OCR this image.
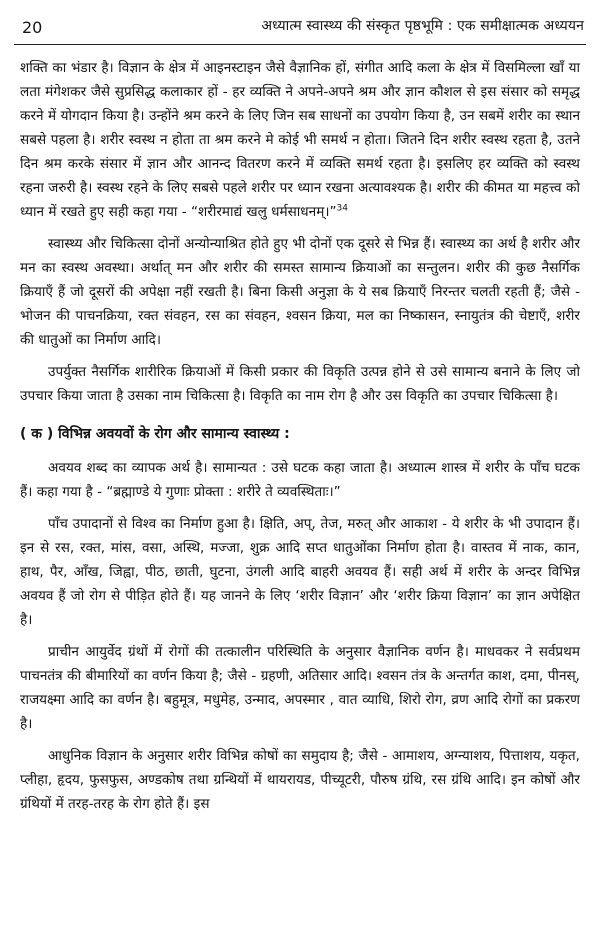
20	अध्यात्म स्वास्थ्य की संस्कृत पृष्ठभूमि : एक समीक्षात्मक अध्ययन

शक्ति का भंडार है। विज्ञान के क्षेत्र में आइनस्टाइन जैसे वैज्ञानिक हों, संगीत आदि कला के क्षेत्र में विसमिल्ला खाँ या लता मंगेशकर जैसे सुप्रसिद्ध कलाकार हों - हर व्यक्ति ने अपने-अपने श्रम और ज्ञान कौशल से इस संसार को समृद्ध करने में योगदान किया है। उन्होंने श्रम करने के लिए जिन सब साधनों का उपयोग किया है, उन सबमें शरीर का स्थान सबसे पहला है। शरीर स्वस्थ न होता ता श्रम करने मे कोई भी समर्थ न होता। जितने दिन शरीर स्वस्थ रहता है, उतने दिन श्रम करके संसार में ज्ञान और आनन्द वितरण करने में व्यक्ति समर्थ रहता है। इसलिए हर व्यक्ति को स्वस्थ रहना जरुरी है। स्वस्थ रहने के लिए सबसे पहले शरीर पर ध्यान रखना अत्यावश्यक है। शरीर की कीमत या महत्त्व को ध्यान में रखते हुए सही कहा गया - “शरीरमाद्यं खलु धर्मसाधनम्।”$^{34}$

स्वास्थ्य और चिकित्सा दोनों अन्योन्याश्रित होते हुए भी दोनों एक दूसरे से भिन्न हैं। स्वास्थ्य का अर्थ है शरीर और मन का स्वस्थ अवस्था। अर्थात् मन और शरीर की समस्त सामान्य क्रियाओं का सन्तुलन। शरीर की कुछ नैसर्गिक क्रियाएँ हैं जो दूसरों की अपेक्षा नहीं रखती है। बिना किसी अनुज्ञा के ये सब क्रियाएँ निरन्तर चलती रहती हैं; जैसे - भोजन की पाचनक्रिया, रक्त संवहन, रस का संवहन, श्वसन क्रिया, मल का निष्कासन, स्नायुतंत्र की चेष्टाएँ, शरीर की धातुओं का निर्माण आदि।

उपर्युक्त नैसर्गिक शारीरिक क्रियाओं में किसी प्रकार की विकृति उत्पन्न होने से उसे सामान्य बनाने के लिए जो उपचार किया जाता है उसका नाम चिकित्सा है। विकृति का नाम रोग है और उस विकृति का उपचार चिकित्सा है।

( क ) विभिन्न अवयवों के रोग और सामान्य स्वास्थ्य :

अवयव शब्द का व्यापक अर्थ है। सामान्यत : उसे घटक कहा जाता है। अध्यात्म शास्त्र में शरीर के पाँच घटक हैं। कहा गया है - “ब्रह्माण्डे ये गुणाः प्रोक्ता : शरीरे ते व्यवस्थिताः।”

पाँच उपादानों से विश्व का निर्माण हुआ है। क्षिति, अप्, तेज, मरुत् और आकाश - ये शरीर के भी उपादान हैं। इन से रस, रक्त, मांस, वसा, अस्थि, मज्जा, शुक्र आदि सप्त धातुओंका निर्माण होता है। वास्तव में नाक, कान, हाथ, पैर, आँख, जिह्वा, पीठ, छाती, घुटना, उंगली आदि बाहरी अवयव हैं। सही अर्थ में शरीर के अन्दर विभिन्न अवयव हैं जो रोग से पीड़ित होते हैं। यह जानने के लिए ‘शरीर विज्ञान’ और ‘शरीर क्रिया विज्ञान’ का ज्ञान अपेक्षित है।

प्राचीन आयुर्वेद ग्रंथों में रोगों की तत्कालीन परिस्थिति के अनुसार वैज्ञानिक वर्णन है। माधवकर ने सर्वप्रथम पाचनतंत्र की बीमारियों का वर्णन किया है; जैसे - ग्रहणी, अतिसार आदि। श्वसन तंत्र के अन्तर्गत काश, दमा, पीनस्, राजयक्ष्मा आदि का वर्णन है। बहुमूत्र, मधुमेह, उन्माद, अपस्मार , वात व्याधि, शिरो रोग, व्रण आदि रोगों का प्रकरण है।

आधुनिक विज्ञान के अनुसार शरीर विभिन्न कोषों का समुदाय है; जैसे - आमाशय, अग्न्याशय, पित्ताशय, यकृत, प्लीहा, हृदय, फुसफुस, अण्डकोष तथा ग्रन्थियों में थायरायड, पीच्यूटरी, पौरुष ग्रंथि, रस ग्रंथि आदि। इन कोषों और ग्रंथियों में तरह-तरह के रोग होते हैं। इस
